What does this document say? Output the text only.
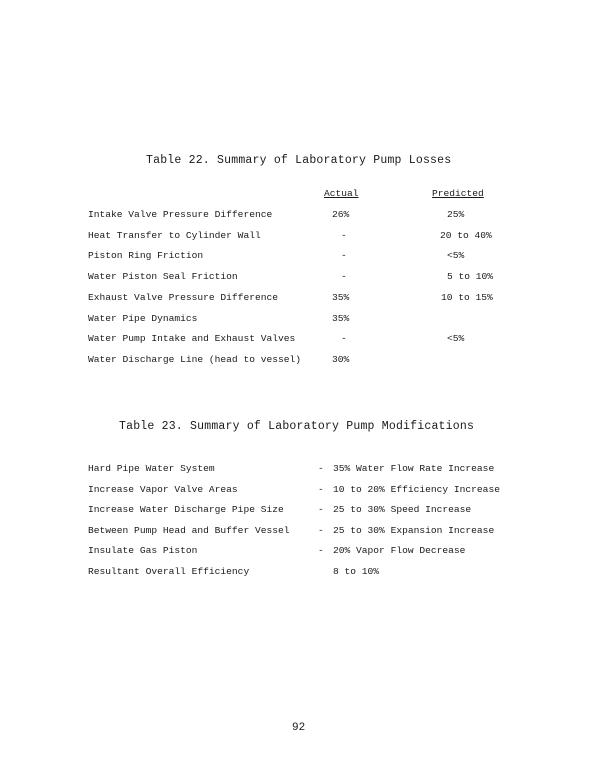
Table 22. Summary of Laboratory Pump Losses
Actual	Predicted
Intake Valve Pressure Difference	26%	25%
Heat Transfer to Cylinder Wall	-	20 to 40%
Piston Ring Friction	-	<5%
Water Piston Seal Friction	-	5 to 10%
Exhaust Valve Pressure Difference	35%	10 to 15%
Water Pipe Dynamics	35%
Water Pump Intake and Exhaust Valves	-	<5%
Water Discharge Line (head to vessel)	30%
Table 23. Summary of Laboratory Pump Modifications
Hard Pipe Water System	- 35% Water Flow Rate Increase
Increase Vapor Valve Areas	- 10 to 20% Efficiency Increase
Increase Water Discharge Pipe Size	- 25 to 30% Speed Increase
Between Pump Head and Buffer Vessel	- 25 to 30% Expansion Increase
Insulate Gas Piston	- 20% Vapor Flow Decrease
Resultant Overall Efficiency	8 to 10%
92
